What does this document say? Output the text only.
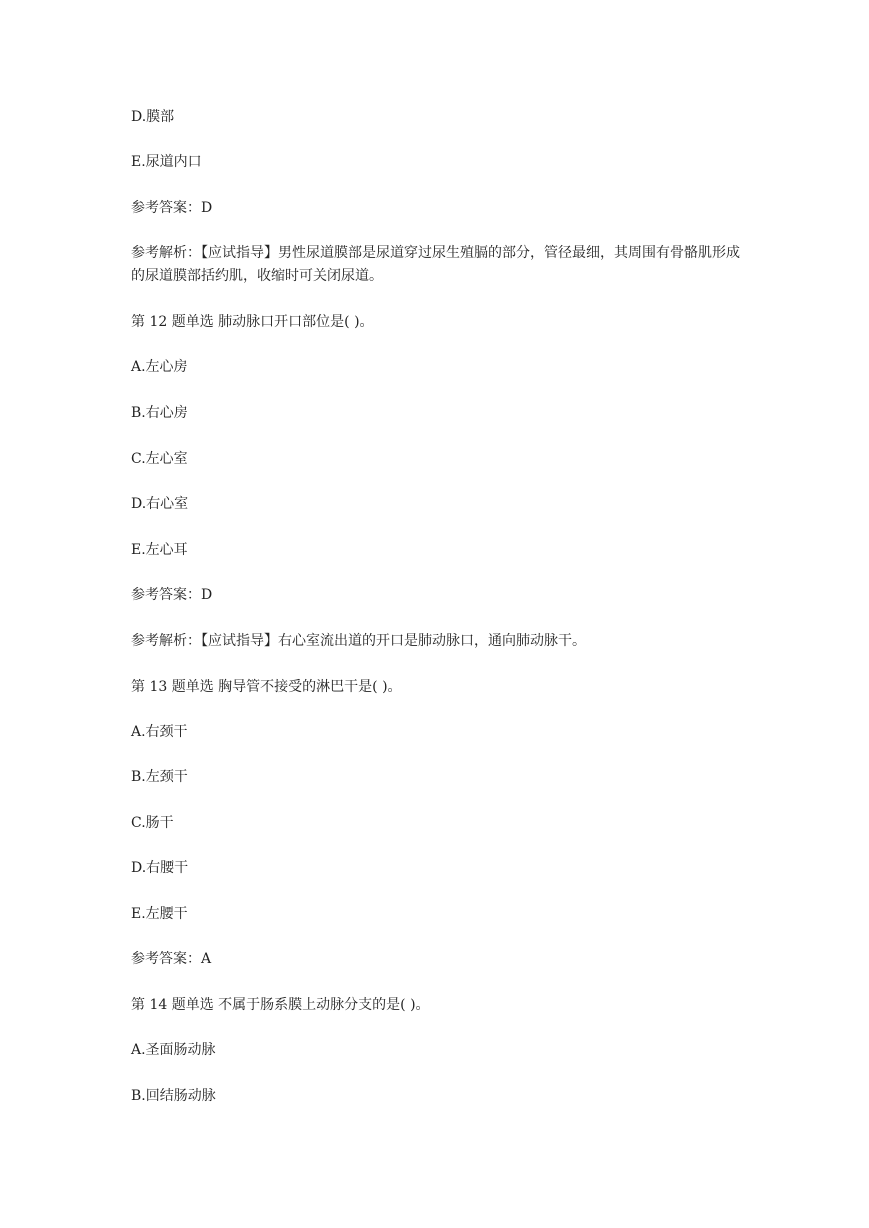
D.膜部
E.尿道内口
参考答案：D
参考解析：【应试指导】男性尿道膜部是尿道穿过尿生殖膈的部分，管径最细，其周围有骨骼肌形成的尿道膜部括约肌，收缩时可关闭尿道。
第 12 题单选 肺动脉口开口部位是( )。
A.左心房
B.右心房
C.左心室
D.右心室
E.左心耳
参考答案：D
参考解析：【应试指导】右心室流出道的开口是肺动脉口，通向肺动脉干。
第 13 题单选 胸导管不接受的淋巴干是( )。
A.右颈干
B.左颈干
C.肠干
D.右腰干
E.左腰干
参考答案：A
第 14 题单选 不属于肠系膜上动脉分支的是( )。
A.圣面肠动脉
B.回结肠动脉
